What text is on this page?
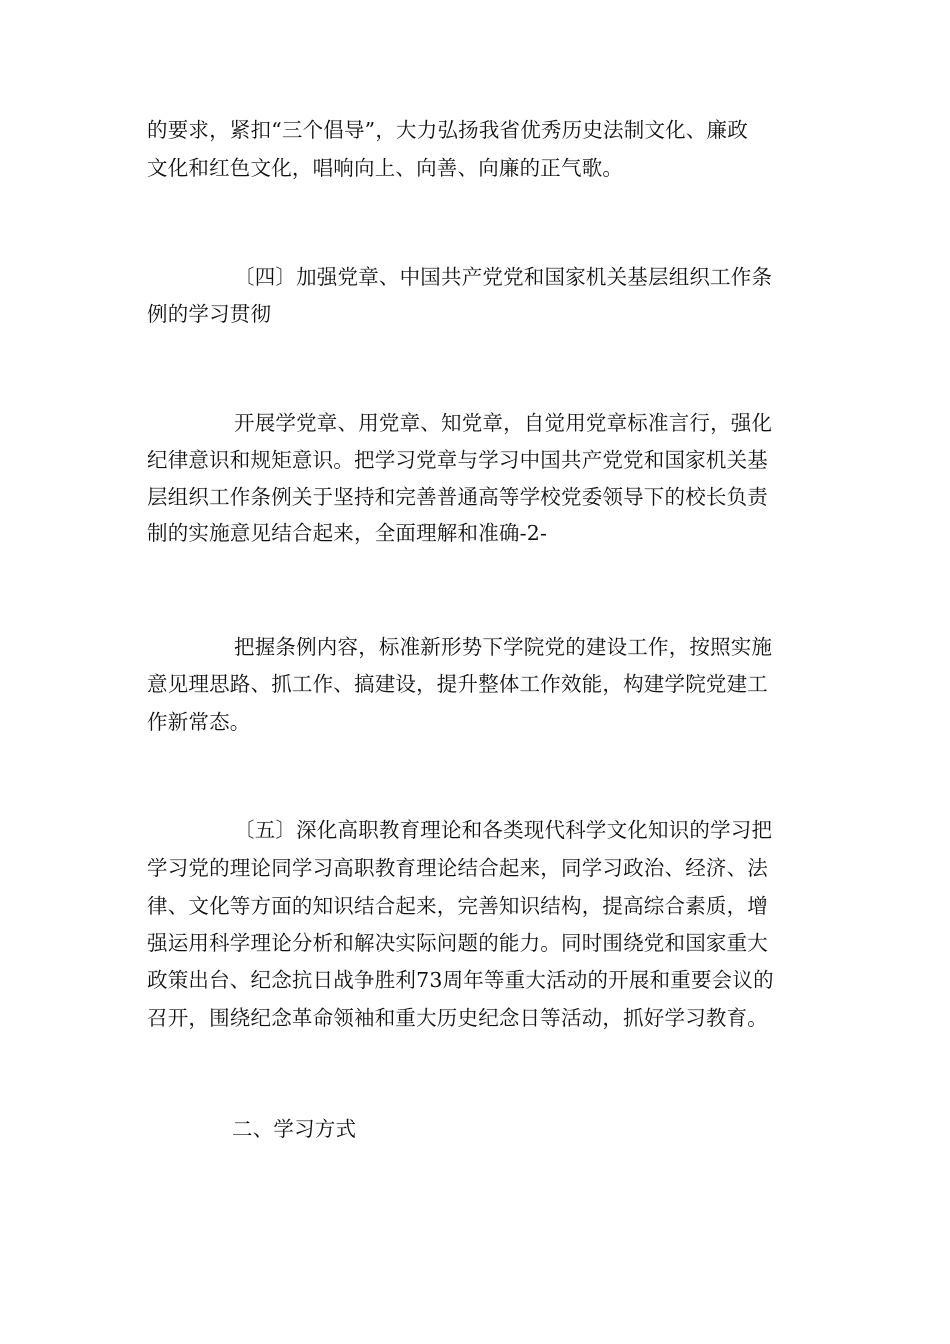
的要求，紧扣“三个倡导”，大力弘扬我省优秀历史法制文化、廉政
文化和红色文化，唱响向上、向善、向廉的正气歌。
〔四〕加强党章、中国共产党党和国家机关基层组织工作条
例的学习贯彻
开展学党章、用党章、知党章，自觉用党章标准言行，强化
纪律意识和规矩意识。把学习党章与学习中国共产党党和国家机关基
层组织工作条例关于坚持和完善普通高等学校党委领导下的校长负责
制的实施意见结合起来，全面理解和准确-2-
把握条例内容，标准新形势下学院党的建设工作，按照实施
意见理思路、抓工作、搞建设，提升整体工作效能，构建学院党建工
作新常态。
〔五〕深化高职教育理论和各类现代科学文化知识的学习把
学习党的理论同学习高职教育理论结合起来，同学习政治、经济、法
律、文化等方面的知识结合起来，完善知识结构，提高综合素质，增
强运用科学理论分析和解决实际问题的能力。同时围绕党和国家重大
政策出台、纪念抗日战争胜利73周年等重大活动的开展和重要会议的
召开，围绕纪念革命领袖和重大历史纪念日等活动，抓好学习教育。
二、学习方式
